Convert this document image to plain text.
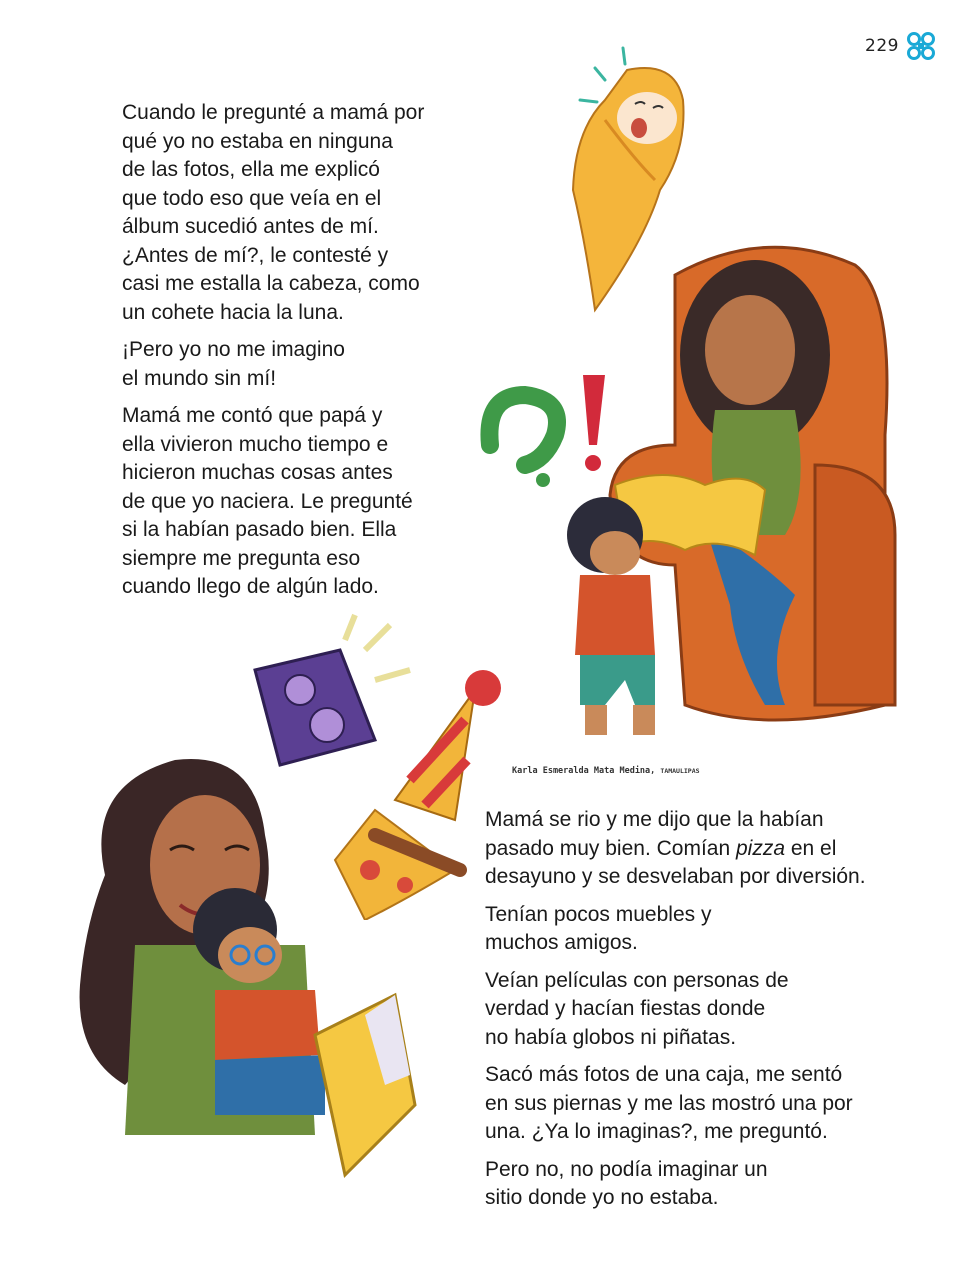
229

Cuando le pregunté a mamá por
qué yo no estaba en ninguna
de las fotos, ella me explicó
que todo eso que veía en el
álbum sucedió antes de mí.
¿Antes de mí?, le contesté y
casi me estalla la cabeza, como
un cohete hacia la luna.

¡Pero yo no me imagino
el mundo sin mí!

Mamá me contó que papá y
ella vivieron mucho tiempo e
hicieron muchas cosas antes
de que yo naciera. Le pregunté
si la habían pasado bien. Ella
siempre me pregunta eso
cuando llego de algún lado.

Mamá se rio y me dijo que la habían
pasado muy bien. Comían pizza en el
desayuno y se desvelaban por diversión.

Tenían pocos muebles y
muchos amigos.

Veían películas con personas de
verdad y hacían fiestas donde
no había globos ni piñatas.

Sacó más fotos de una caja, me sentó
en sus piernas y me las mostró una por
una. ¿Ya lo imaginas?, me preguntó.

Pero no, no podía imaginar un
sitio donde yo no estaba.

Karla Esmeralda Mata Medina, TAMAULIPAS
